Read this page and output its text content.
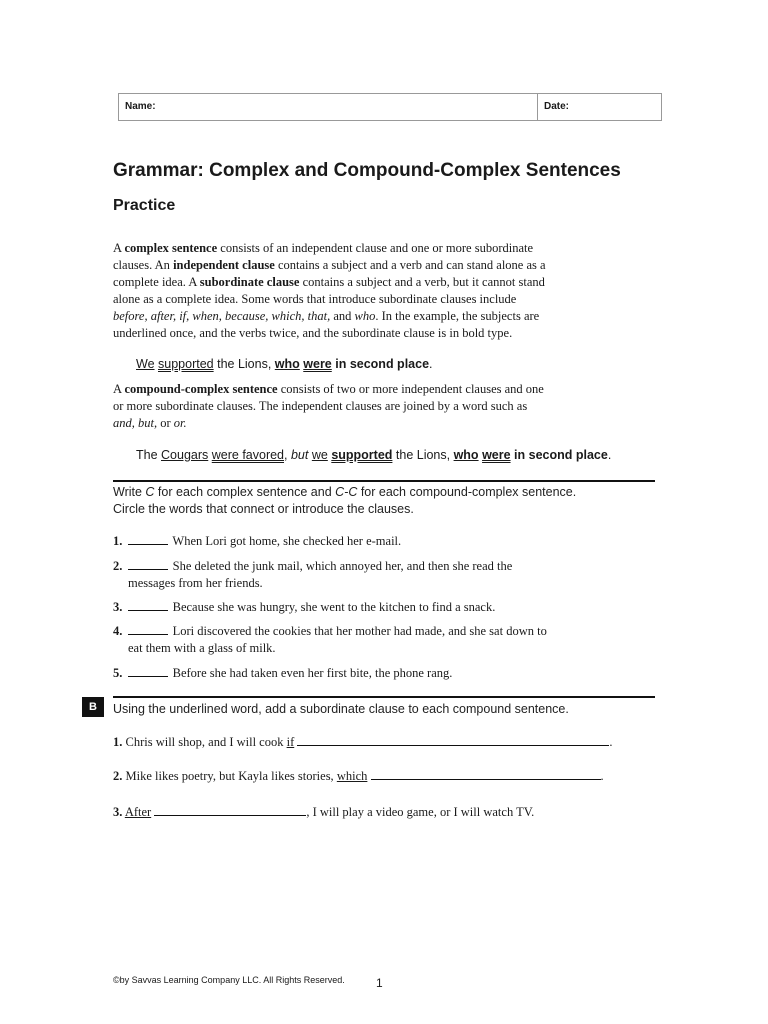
Name:	Date:
Grammar: Complex and Compound-Complex Sentences
Practice
A complex sentence consists of an independent clause and one or more subordinate
clauses. An independent clause contains a subject and a verb and can stand alone as a
complete idea. A subordinate clause contains a subject and a verb, but it cannot stand
alone as a complete idea. Some words that introduce subordinate clauses include
before, after, if, when, because, which, that, and who. In the example, the subjects are
underlined once, and the verbs twice, and the subordinate clause is in bold type.
We supported the Lions, who were in second place.
A compound-complex sentence consists of two or more independent clauses and one
or more subordinate clauses. The independent clauses are joined by a word such as
and, but, or or.
The Cougars were favored, but we supported the Lions, who were in second place.
Write C for each complex sentence and C-C for each compound-complex sentence.
Circle the words that connect or introduce the clauses.
1.	When Lori got home, she checked her e-mail.
2.	She deleted the junk mail, which annoyed her, and then she read the
messages from her friends.
3.	Because she was hungry, she went to the kitchen to find a snack.
4.	Lori discovered the cookies that her mother had made, and she sat down to
eat them with a glass of milk.
5.	Before she had taken even her first bite, the phone rang.
B	Using the underlined word, add a subordinate clause to each compound sentence.
1. Chris will shop, and I will cook if	.
2. Mike likes poetry, but Kayla likes stories, which	.
3. After	, I will play a video game, or I will watch TV.
©by Savvas Learning Company LLC. All Rights Reserved.	1
